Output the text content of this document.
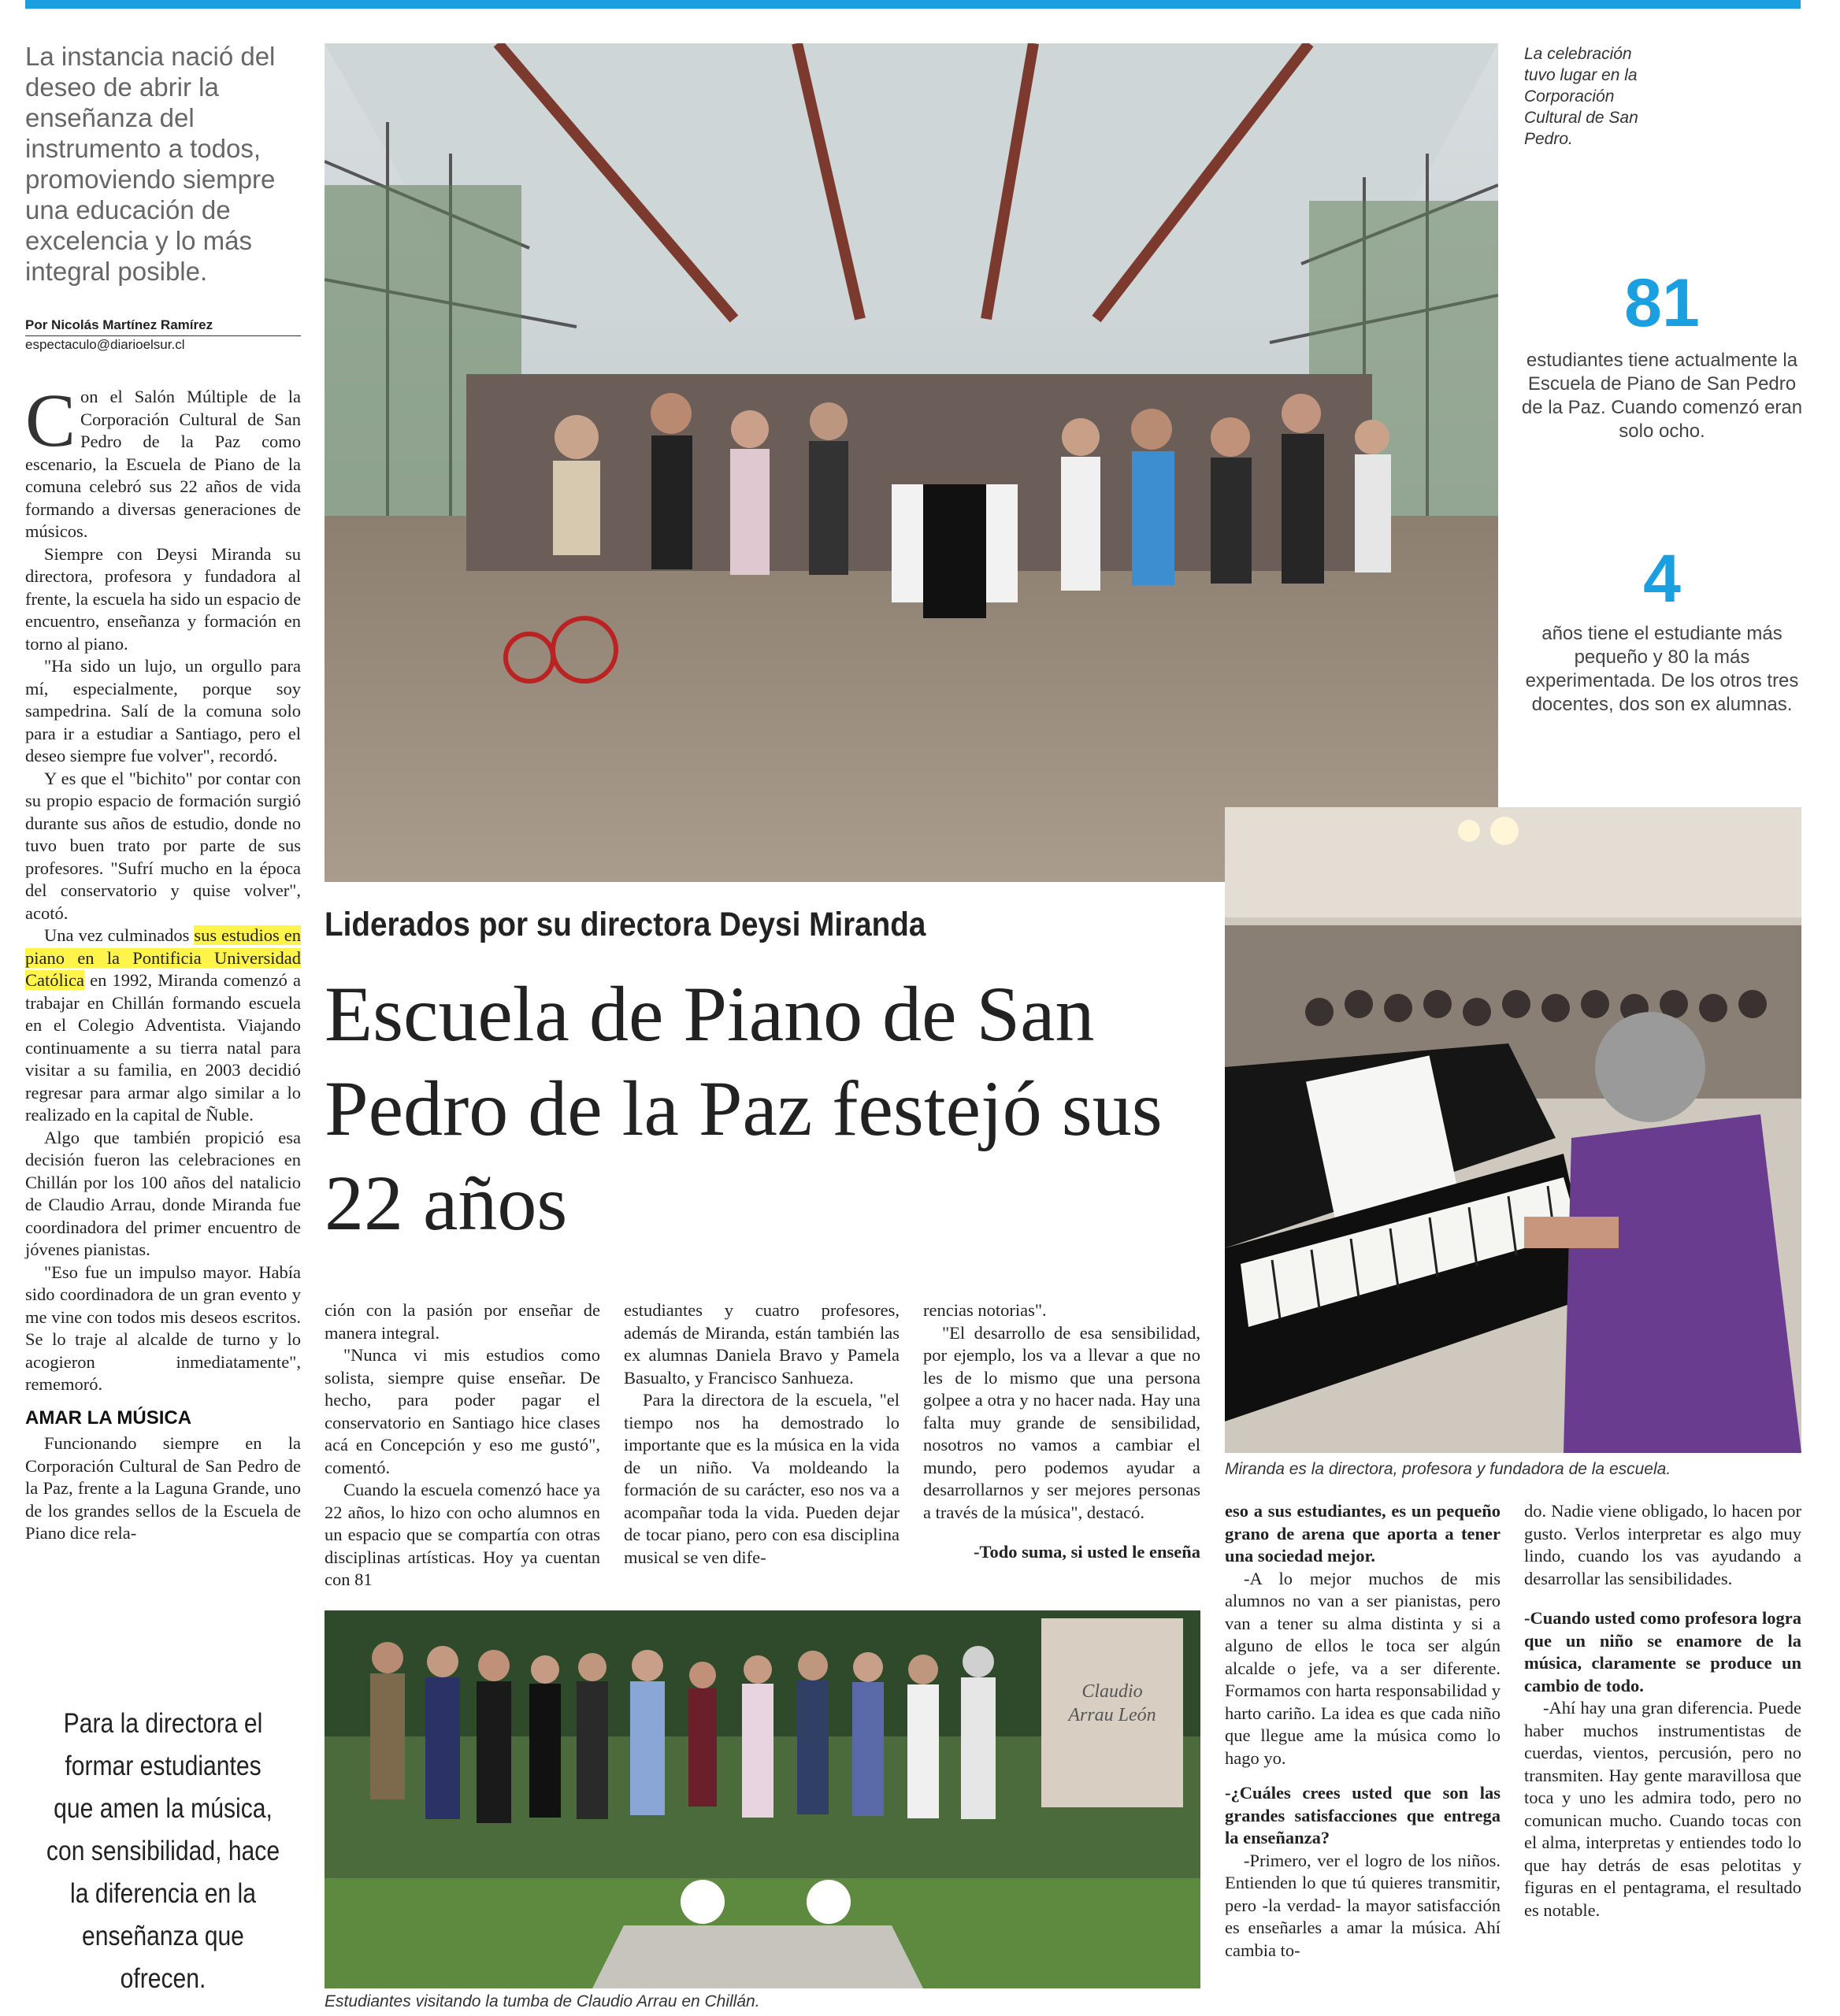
La instancia nació del deseo de abrir la enseñanza del instrumento a todos, promoviendo siempre una educación de excelencia y lo más integral posible.
Por Nicolás Martínez Ramírez
espectaculo@diarioelsur.cl

Con el Salón Múltiple de la Corporación Cultural de San Pedro de la Paz como escenario, la Escuela de Piano de la comuna celebró sus 22 años de vida formando a diversas generaciones de músicos.

Siempre con Deysi Miranda su directora, profesora y fundadora al frente, la escuela ha sido un espacio de encuentro, enseñanza y formación en torno al piano.

"Ha sido un lujo, un orgullo para mí, especialmente, porque soy sampedrina. Salí de la comuna solo para ir a estudiar a Santiago, pero el deseo siempre fue volver", recordó.

Y es que el "bichito" por contar con su propio espacio de formación surgió durante sus años de estudio, donde no tuvo buen trato por parte de sus profesores. "Sufrí mucho en la época del conservatorio y quise volver", acotó.

Una vez culminados sus estudios en piano en la Pontificia Universidad Católica en 1992, Miranda comenzó a trabajar en Chillán formando escuela en el Colegio Adventista. Viajando continuamente a su tierra natal para visitar a su familia, en 2003 decidió regresar para armar algo similar a lo realizado en la capital de Ñuble.

Algo que también propició esa decisión fueron las celebraciones en Chillán por los 100 años del natalicio de Claudio Arrau, donde Miranda fue coordinadora del primer encuentro de jóvenes pianistas.

"Eso fue un impulso mayor. Había sido coordinadora de un gran evento y me vine con todos mis deseos escritos. Se lo traje al alcalde de turno y lo acogieron inmediatamente", rememoró.

AMAR LA MÚSICA

Funcionando siempre en la Corporación Cultural de San Pedro de la Paz, frente a la Laguna Grande, uno de los grandes sellos de la Escuela de Piano dice rela-

Para la directora el formar estudiantes que amen la música, con sensibilidad, hace la diferencia en la enseñanza que ofrecen.
La celebración tuvo lugar en la Corporación Cultural de San Pedro.
81
estudiantes tiene actualmente la Escuela de Piano de San Pedro de la Paz. Cuando comenzó eran solo ocho.
4
años tiene el estudiante más pequeño y 80 la más experimentada. De los otros tres docentes, dos son ex alumnas.
Miranda es la directora, profesora y fundadora de la escuela.
Liderados por su directora Deysi Miranda
Escuela de Piano de San Pedro de la Paz festejó sus 22 años

ción con la pasión por enseñar de manera integral.

"Nunca vi mis estudios como solista, siempre quise enseñar. De hecho, para poder pagar el conservatorio en Santiago hice clases acá en Concepción y eso me gustó", comentó.

Cuando la escuela comenzó hace ya 22 años, lo hizo con ocho alumnos en un espacio que se compartía con otras disciplinas artísticas. Hoy ya cuentan con 81

estudiantes y cuatro profesores, además de Miranda, están también las ex alumnas Daniela Bravo y Pamela Basualto, y Francisco Sanhueza.

Para la directora de la escuela, "el tiempo nos ha demostrado lo importante que es la música en la vida de un niño. Va moldeando la formación de su carácter, eso nos va a acompañar toda la vida. Pueden dejar de tocar piano, pero con esa disciplina musical se ven dife-

rencias notorias".

"El desarrollo de esa sensibilidad, por ejemplo, los va a llevar a que no les de lo mismo que una persona golpee a otra y no hacer nada. Hay una falta muy grande de sensibilidad, nosotros no vamos a cambiar el mundo, pero podemos ayudar a desarrollarnos y ser mejores personas a través de la música", destacó.

-Todo suma, si usted le enseña

Claudio
Arrau León
Estudiantes visitando la tumba de Claudio Arrau en Chillán.

eso a sus estudiantes, es un pequeño grano de arena que aporta a tener una sociedad mejor.

-A lo mejor muchos de mis alumnos no van a ser pianistas, pero van a tener su alma distinta y si a alguno de ellos le toca ser algún alcalde o jefe, va a ser diferente. Formamos con harta responsabilidad y harto cariño. La idea es que cada niño que llegue ame la música como lo hago yo.

-¿Cuáles crees usted que son las grandes satisfacciones que entrega la enseñanza?

-Primero, ver el logro de los niños. Entienden lo que tú quieres transmitir, pero -la verdad- la mayor satisfacción es enseñarles a amar la música. Ahí cambia to-

do. Nadie viene obligado, lo hacen por gusto. Verlos interpretar es algo muy lindo, cuando los vas ayudando a desarrollar las sensibilidades.

-Cuando usted como profesora logra que un niño se enamore de la música, claramente se produce un cambio de todo.

-Ahí hay una gran diferencia. Puede haber muchos instrumentistas de cuerdas, vientos, percusión, pero no transmiten. Hay gente maravillosa que toca y uno les admira todo, pero no comunican mucho. Cuando tocas con el alma, interpretas y entiendes todo lo que hay detrás de esas pelotitas y figuras en el pentagrama, el resultado es notable.
